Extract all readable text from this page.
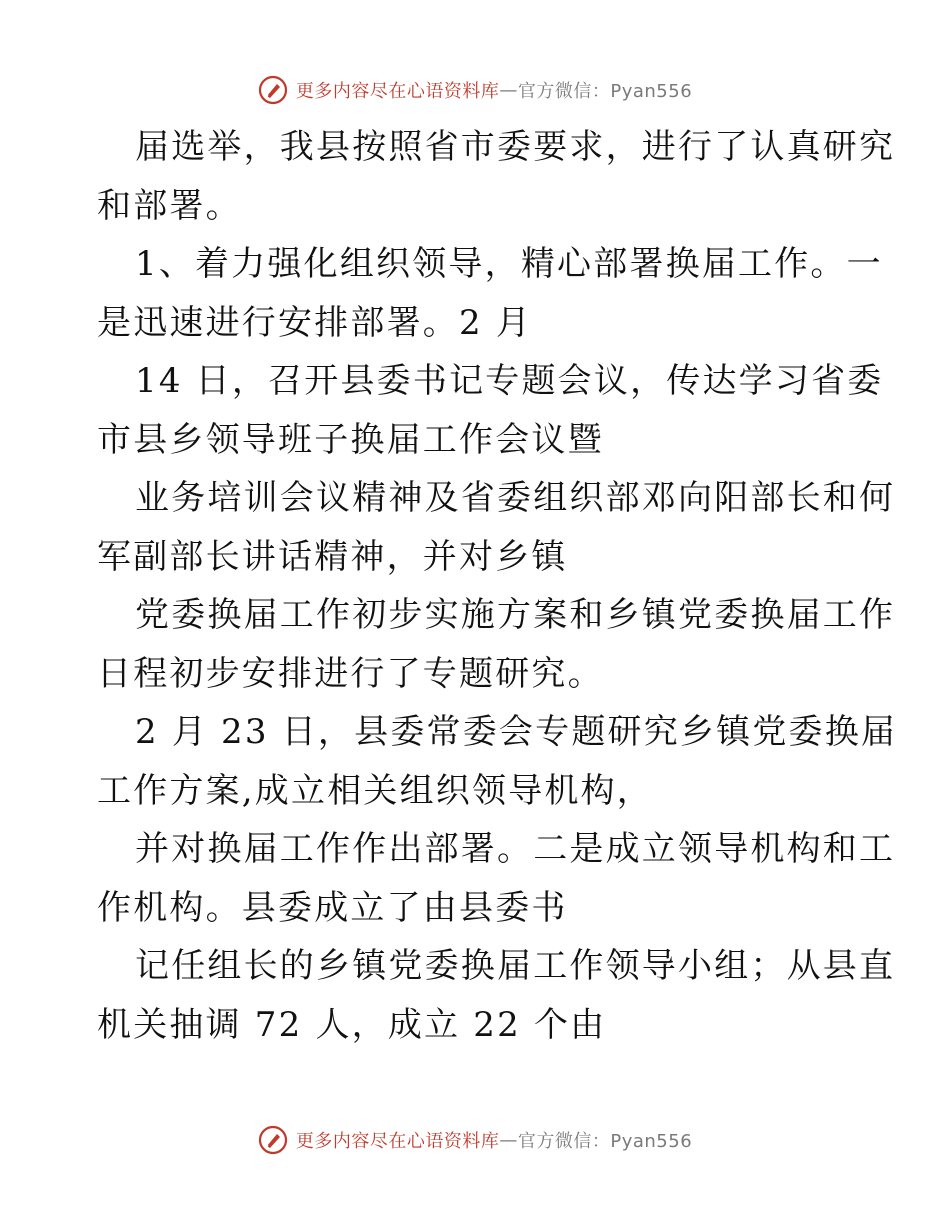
更多内容尽在心语资料库 — 官方微信：Pyan556
届选举，我县按照省市委要求，进行了认真研究
和部署。
1、着力强化组织领导，精心部署换届工作。一
是迅速进行安排部署。2 月
14 日，召开县委书记专题会议，传达学习省委
市县乡领导班子换届工作会议暨
业务培训会议精神及省委组织部邓向阳部长和何
军副部长讲话精神，并对乡镇
党委换届工作初步实施方案和乡镇党委换届工作
日程初步安排进行了专题研究。
2 月 23 日，县委常委会专题研究乡镇党委换届
工作方案,成立相关组织领导机构，
并对换届工作作出部署。二是成立领导机构和工
作机构。县委成立了由县委书
记任组长的乡镇党委换届工作领导小组；从县直
机关抽调 72 人，成立 22 个由
更多内容尽在心语资料库 — 官方微信：Pyan556
